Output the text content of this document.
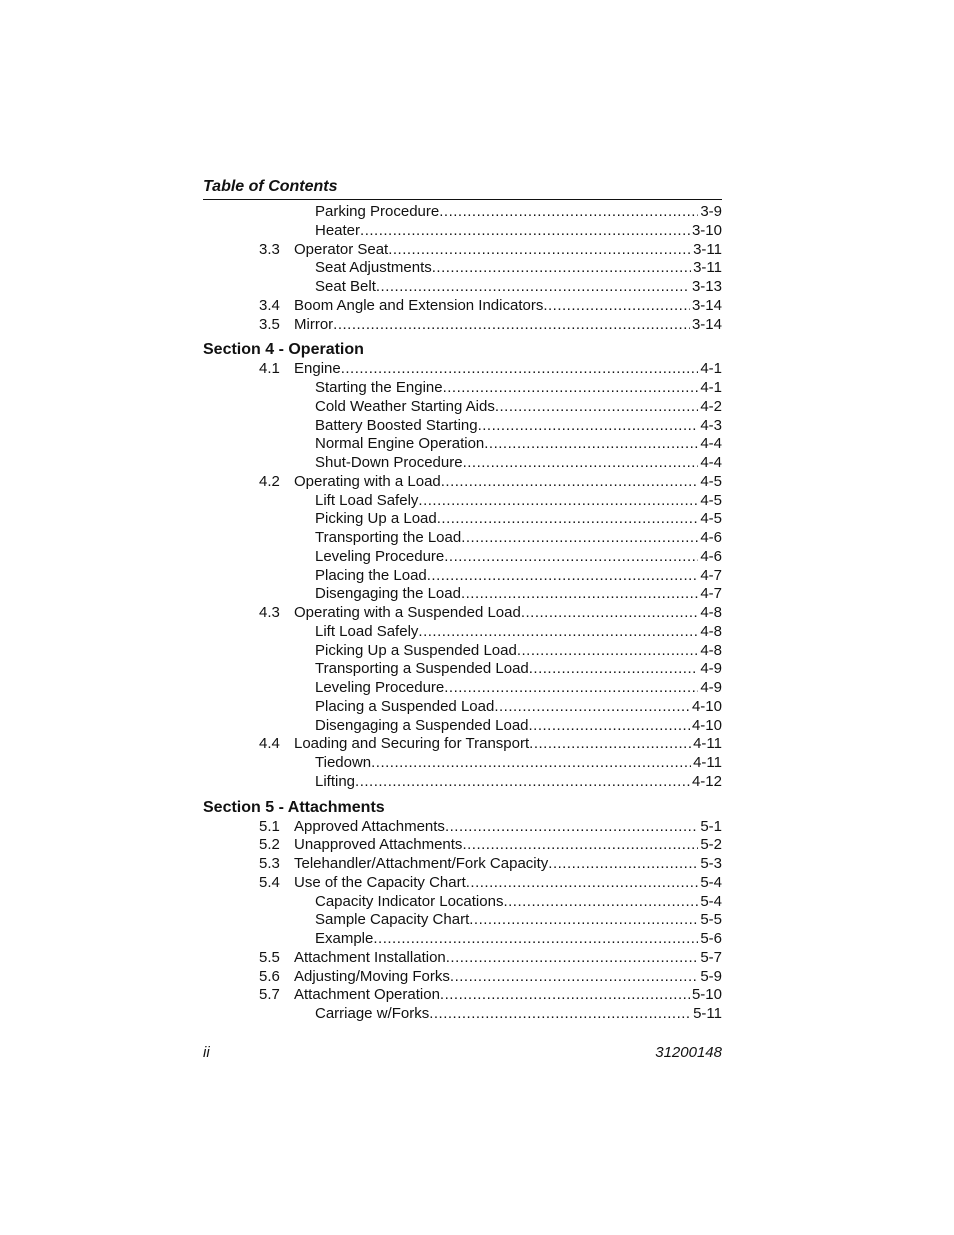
Table of Contents
Parking Procedure .....	3-9
Heater .....	3-10
3.3 Operator Seat .....	3-11
Seat Adjustments .....	3-11
Seat Belt .....	3-13
3.4 Boom Angle and Extension Indicators .....	3-14
3.5 Mirror .....	3-14
Section 4 - Operation
4.1 Engine .....	4-1
Starting the Engine .....	4-1
Cold Weather Starting Aids .....	4-2
Battery Boosted Starting .....	4-3
Normal Engine Operation .....	4-4
Shut-Down Procedure .....	4-4
4.2 Operating with a Load .....	4-5
Lift Load Safely .....	4-5
Picking Up a Load .....	4-5
Transporting the Load .....	4-6
Leveling Procedure .....	4-6
Placing the Load .....	4-7
Disengaging the Load .....	4-7
4.3 Operating with a Suspended Load .....	4-8
Lift Load Safely .....	4-8
Picking Up a Suspended Load .....	4-8
Transporting a Suspended Load .....	4-9
Leveling Procedure .....	4-9
Placing a Suspended Load .....	4-10
Disengaging a Suspended Load .....	4-10
4.4 Loading and Securing for Transport .....	4-11
Tiedown .....	4-11
Lifting .....	4-12
Section 5 - Attachments
5.1 Approved Attachments .....	5-1
5.2 Unapproved Attachments .....	5-2
5.3 Telehandler/Attachment/Fork Capacity .....	5-3
5.4 Use of the Capacity Chart .....	5-4
Capacity Indicator Locations .....	5-4
Sample Capacity Chart .....	5-5
Example .....	5-6
5.5 Attachment Installation .....	5-7
5.6 Adjusting/Moving Forks .....	5-9
5.7 Attachment Operation .....	5-10
Carriage w/Forks .....	5-11
ii	31200148
